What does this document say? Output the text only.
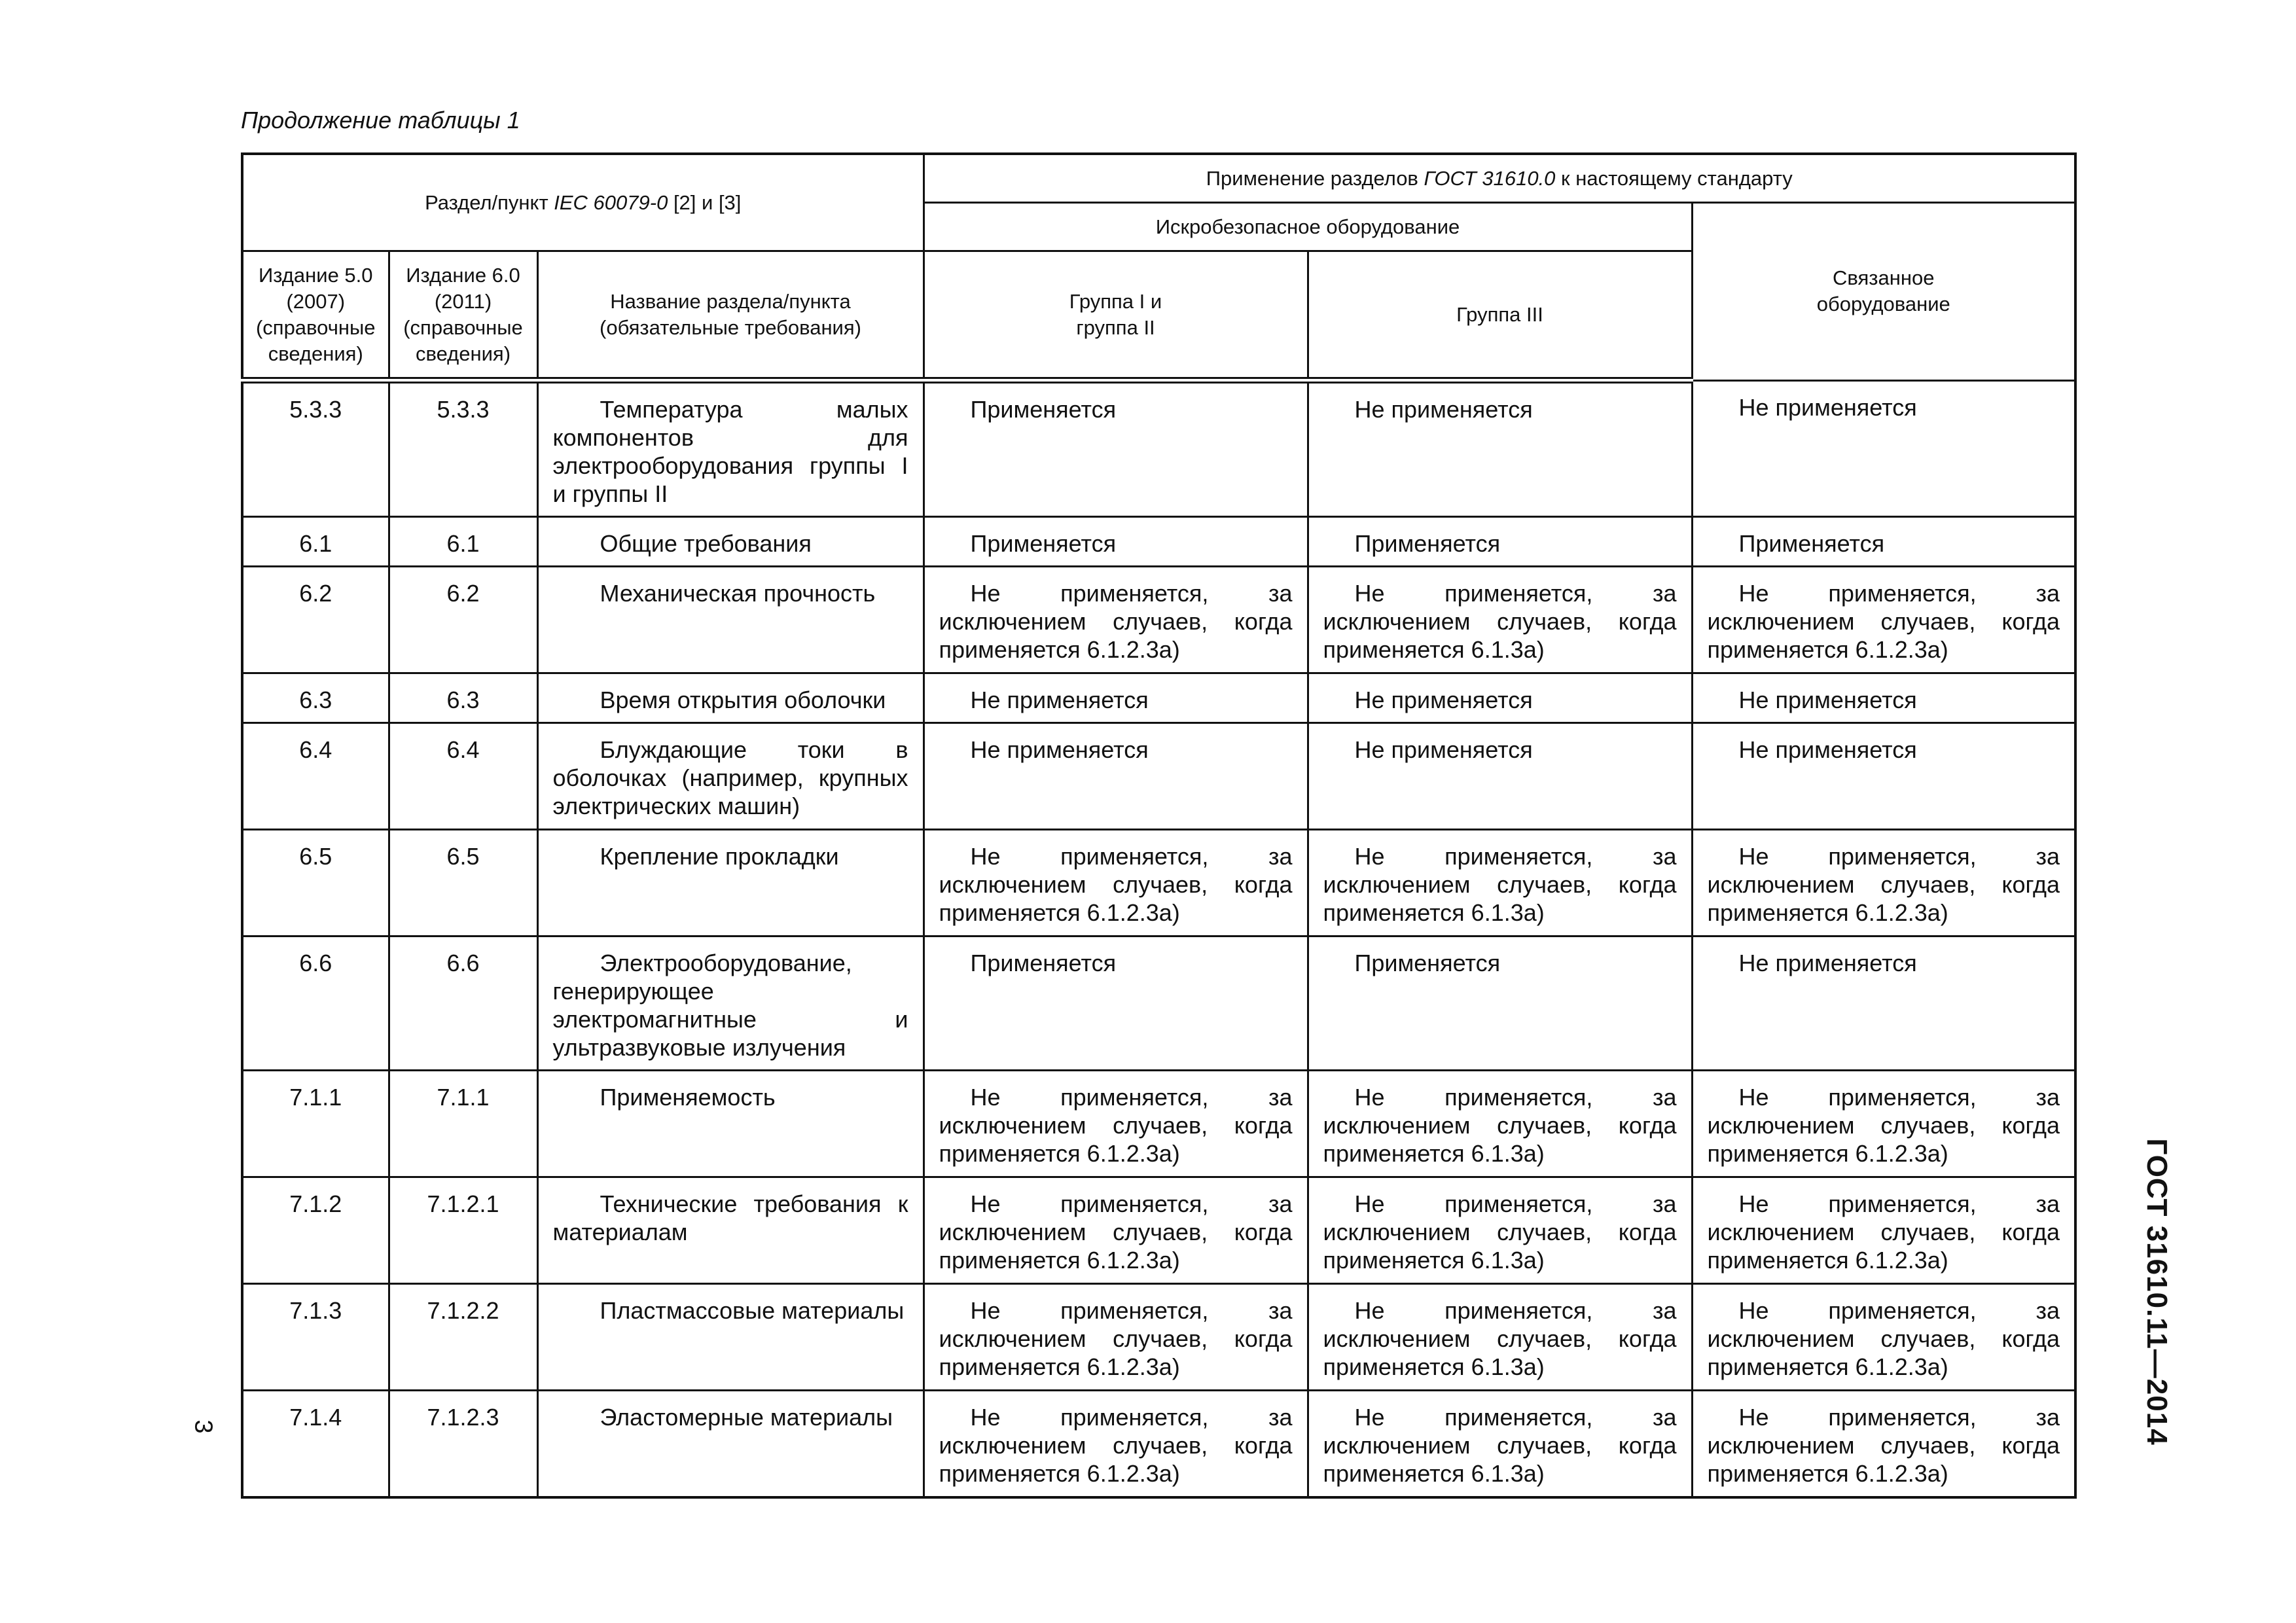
Продолжение таблицы 1
Раздел/пункт IEC 60079-0 [2] и [3]			Применение разделов ГОСТ 31610.0 к настоящему стандарту		
			Искробезопасное оборудование		Связанное оборудование

Издание 5.0 (2007) (справочные сведения)	Издание 6.0 (2011) (справочные сведения)	Название раздела/пункта (обязательные требования)	Группа I и группа II	Группа III	
5.3.3	5.3.3	Температура малых компонентов для электрооборудования группы I и группы II	Применяется	Не применяется	Не применяется
6.1	6.1	Общие требования	Применяется	Применяется	Применяется
6.2	6.2	Механическая прочность	Не применяется, за исключением случаев, когда применяется 6.1.2.3а)	Не применяется, за исключением случаев, когда применяется 6.1.3а)	Не применяется, за исключением случаев, когда применяется 6.1.2.3а)
6.3	6.3	Время открытия оболочки	Не применяется	Не применяется	Не применяется
6.4	6.4	Блуждающие токи в оболочках (например, крупных электрических машин)	Не применяется	Не применяется	Не применяется
6.5	6.5	Крепление прокладки	Не применяется, за исключением случаев, когда применяется 6.1.2.3а)	Не применяется, за исключением случаев, когда применяется 6.1.3а)	Не применяется, за исключением случаев, когда применяется 6.1.2.3а)
6.6	6.6	Электрооборудование, генерирующее электромагнитные и ультразвуковые излучения	Применяется	Применяется	Не применяется
7.1.1	7.1.1	Применяемость	Не применяется, за исключением случаев, когда применяется 6.1.2.3а)	Не применяется, за исключением случаев, когда применяется 6.1.3а)	Не применяется, за исключением случаев, когда применяется 6.1.2.3а)
7.1.2	7.1.2.1	Технические требования к материалам	Не применяется, за исключением случаев, когда применяется 6.1.2.3а)	Не применяется, за исключением случаев, когда применяется 6.1.3а)	Не применяется, за исключением случаев, когда применяется 6.1.2.3а)
7.1.3	7.1.2.2	Пластмассовые материалы	Не применяется, за исключением случаев, когда применяется 6.1.2.3а)	Не применяется, за исключением случаев, когда применяется 6.1.3а)	Не применяется, за исключением случаев, когда применяется 6.1.2.3а)
7.1.4	7.1.2.3	Эластомерные материалы	Не применяется, за исключением случаев, когда применяется 6.1.2.3а)	Не применяется, за исключением случаев, когда применяется 6.1.3а)	Не применяется, за исключением случаев, когда применяется 6.1.2.3а)
ГОСТ 31610.11—2014
3
